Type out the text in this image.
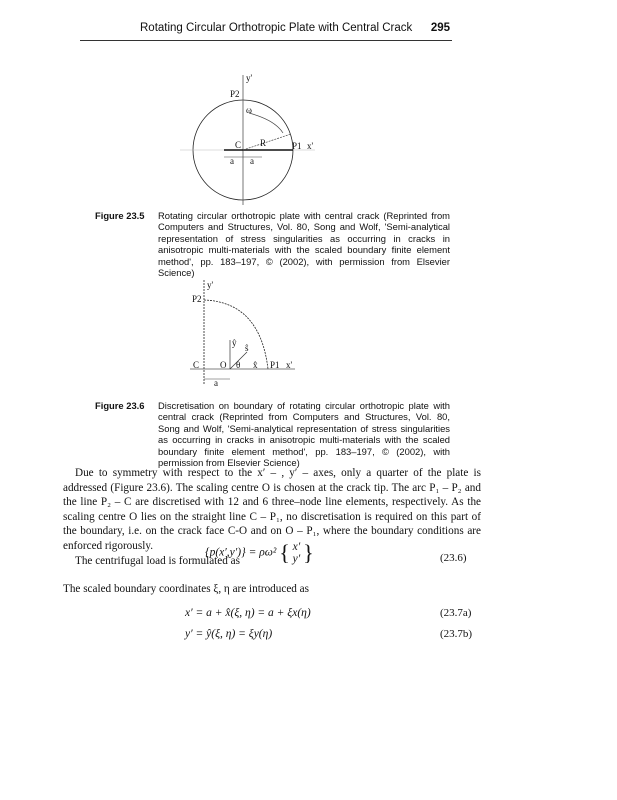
Rotating Circular Orthotropic Plate with Central Crack 295
y'
P2
ω
R	P1 x'
C
a a
Figure 23.5 Rotating circular orthotropic plate with central crack (Reprinted from Computers and Structures, Vol. 80, Song and Wolf, 'Semi-analytical representation of stress singularities as occurring in cracks in anisotropic multi-materials with the scaled boundary finite element method', pp. 183–197, © (2002), with permission from Elsevier Science)
y'
P2
C O θ
ŷ ŝ
x̂ P1 x'
a
Figure 23.6 Discretisation on boundary of rotating circular orthotropic plate with central crack (Reprinted from Computers and Structures, Vol. 80, Song and Wolf, 'Semi-analytical representation of stress singularities as occurring in cracks in anisotropic multi-materials with the scaled boundary finite element method', pp. 183–197, © (2002), with permission from Elsevier Science)

Due to symmetry with respect to the x′ – , y′ – axes, only a quarter of the plate is addressed (Figure 23.6). The scaling centre O is chosen at the crack tip. The arc P₁ – P₂ and the line P₂ – C are discretised with 12 and 6 three–node line elements, respectively. As the scaling centre O lies on the straight line C – P₁, no discretisation is required on this part of the boundary, i.e. on the crack face C-O and on O – P₁, where the boundary conditions are enforced rigorously.

The centrifugal load is formulated as

{p(x′,y′)} = ρω² { x′
y′ }	(23.6)

The scaled boundary coordinates ξ, η are introduced as

x′ = a + x̂(ξ, η) = a + ξx(η)	(23.7a)
y′ = ŷ(ξ, η) = ξy(η)	(23.7b)
